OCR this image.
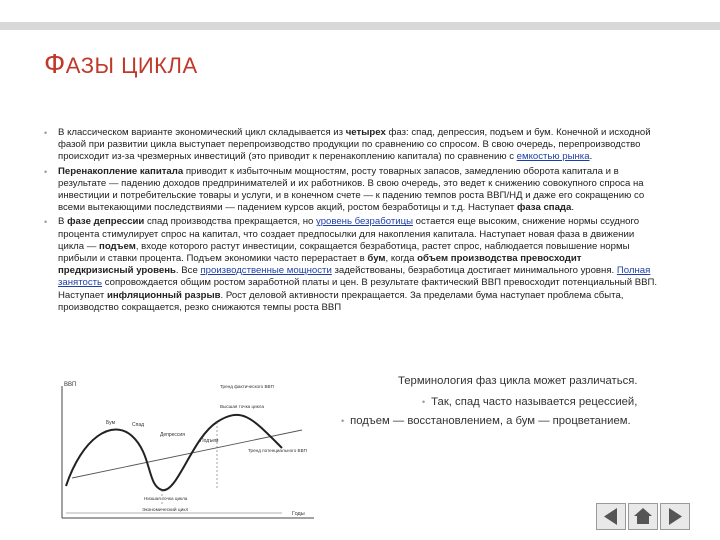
ФАЗЫ ЦИКЛА
• В классическом варианте экономический цикл складывается из четырех фаз: спад, депрессия, подъем и бум. Конечной и исходной фазой при развитии цикла выступает перепроизводство продукции по сравнению со спросом. В свою очередь, перепроизводство происходит из-за чрезмерных инвестиций (это приводит к перенакоплению капитала) по сравнению с емкостью рынка.
• Перенакопление капитала приводит к избыточным мощностям, росту товарных запасов, замедлению оборота капитала и в результате — падению доходов предпринимателей и их работников. В свою очередь, это ведет к снижению совокупного спроса на инвестиции и потребительские товары и услуги, и в конечном счете — к падению темпов роста ВВП/НД и даже его сокращению со всеми вытекающими последствиями — падением курсов акций, ростом безработицы и т.д. Наступает фаза спада.
• В фазе депрессии спад производства прекращается, но уровень безработицы остается еще высоким, снижение нормы ссудного процента стимулирует спрос на капитал, что создает предпосылки для накопления капитала. Наступает новая фаза в движении цикла — подъем, входе которого растут инвестиции, сокращается безработица, растет спрос, наблюдается повышение нормы прибыли и ставки процента. Подъем экономики часто перерастает в бум, когда объем производства превосходит предкризисный уровень. Все производственные мощности задействованы, безработица достигает минимального уровня. Полная занятость сопровождается общим ростом заработной платы и цен. В результате фактический ВВП превосходит потенциальный ВВП. Наступает инфляционный разрыв. Рост деловой активности прекращается. За пределами бума наступает проблема сбыта, производство сокращается, резко снижаются темпы роста ВВП
ВВП
Годы
Тренд фактического ВВП
Высшая точка цикла
Тренд потенциального ВВП
Низшая точка цикла
Бум	Спад
Депрессия
Подъем
Экономический цикл
Терминология фаз цикла может различаться.
• Так, спад часто называется рецессией,
• подъем — восстановлением, а бум — процветанием.
